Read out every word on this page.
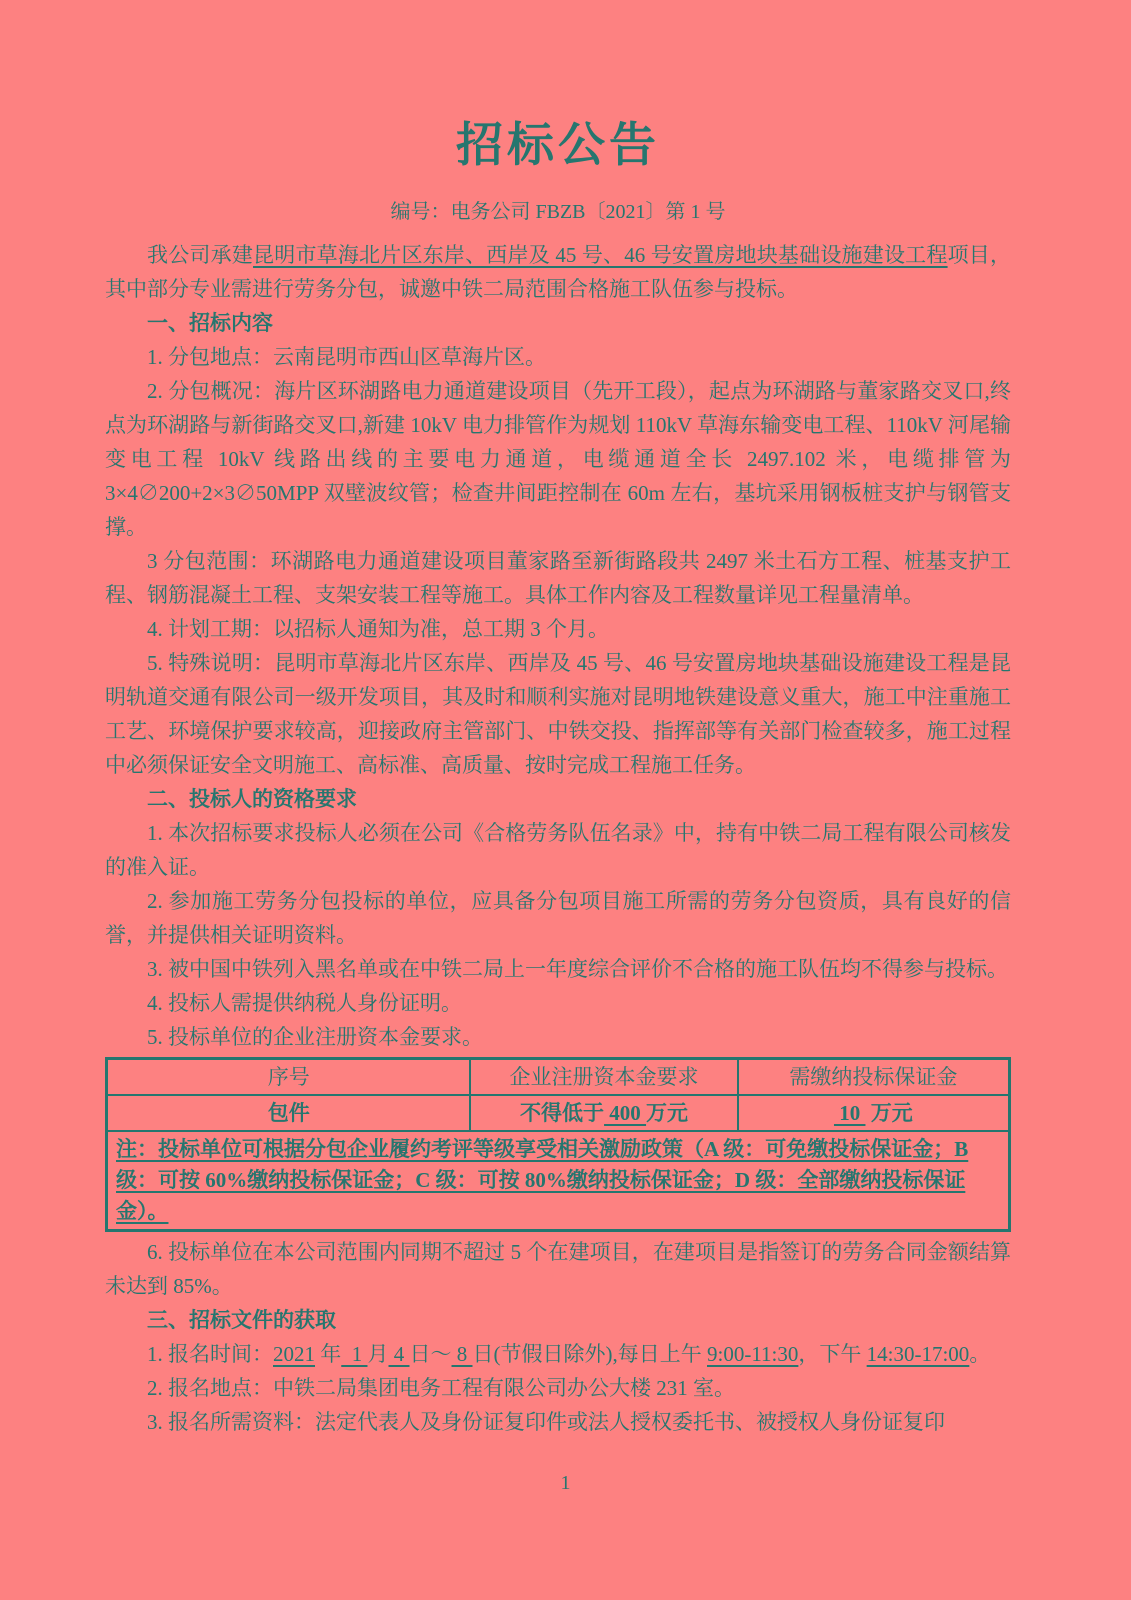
招标公告

编号：电务公司 FBZB〔2021〕第 1 号

我公司承建昆明市草海北片区东岸、西岸及 45 号、46 号安置房地块基础设施建设工程项目，其中部分专业需进行劳务分包，诚邀中铁二局范围合格施工队伍参与投标。

一、招标内容

1. 分包地点：云南昆明市西山区草海片区。

2. 分包概况：海片区环湖路电力通道建设项目（先开工段），起点为环湖路与董家路交叉口,终点为环湖路与新街路交叉口,新建 10kV 电力排管作为规划 110kV 草海东输变电工程、110kV 河尾输变电工程 10kV 线路出线的主要电力通道，电缆通道全长 2497.102 米，电缆排管为 3×4∅200+2×3∅50MPP 双壁波纹管；检查井间距控制在 60m 左右，基坑采用钢板桩支护与钢管支撑。

3 分包范围：环湖路电力通道建设项目董家路至新街路段共 2497 米土石方工程、桩基支护工程、钢筋混凝土工程、支架安装工程等施工。具体工作内容及工程数量详见工程量清单。

4. 计划工期：以招标人通知为准，总工期 3 个月。

5. 特殊说明：昆明市草海北片区东岸、西岸及 45 号、46 号安置房地块基础设施建设工程是昆明轨道交通有限公司一级开发项目，其及时和顺利实施对昆明地铁建设意义重大，施工中注重施工工艺、环境保护要求较高，迎接政府主管部门、中铁交投、指挥部等有关部门检查较多，施工过程中必须保证安全文明施工、高标准、高质量、按时完成工程施工任务。

二、投标人的资格要求

1. 本次招标要求投标人必须在公司《合格劳务队伍名录》中，持有中铁二局工程有限公司核发的准入证。

2. 参加施工劳务分包投标的单位，应具备分包项目施工所需的劳务分包资质，具有良好的信誉，并提供相关证明资料。

3. 被中国中铁列入黑名单或在中铁二局上一年度综合评价不合格的施工队伍均不得参与投标。

4. 投标人需提供纳税人身份证明。

5. 投标单位的企业注册资本金要求。

序号	企业注册资本金要求	需缴纳投标保证金
包件	不得低于 400 万元	10  万元
注：投标单位可根据分包企业履约考评等级享受相关激励政策（A 级：可免缴投标保证金；B 级：可按 60%缴纳投标保证金；C 级：可按 80%缴纳投标保证金；D 级：全部缴纳投标保证金）。		

6. 投标单位在本公司范围内同期不超过 5 个在建项目，在建项目是指签订的劳务合同金额结算未达到 85%。

三、招标文件的获取

1. 报名时间：2021 年  1 月 4 日～ 8 日(节假日除外),每日上午 9:00-11:30，下午 14:30-17:00。

2. 报名地点：中铁二局集团电务工程有限公司办公大楼 231 室。

3. 报名所需资料：法定代表人及身份证复印件或法人授权委托书、被授权人身份证复印

1
